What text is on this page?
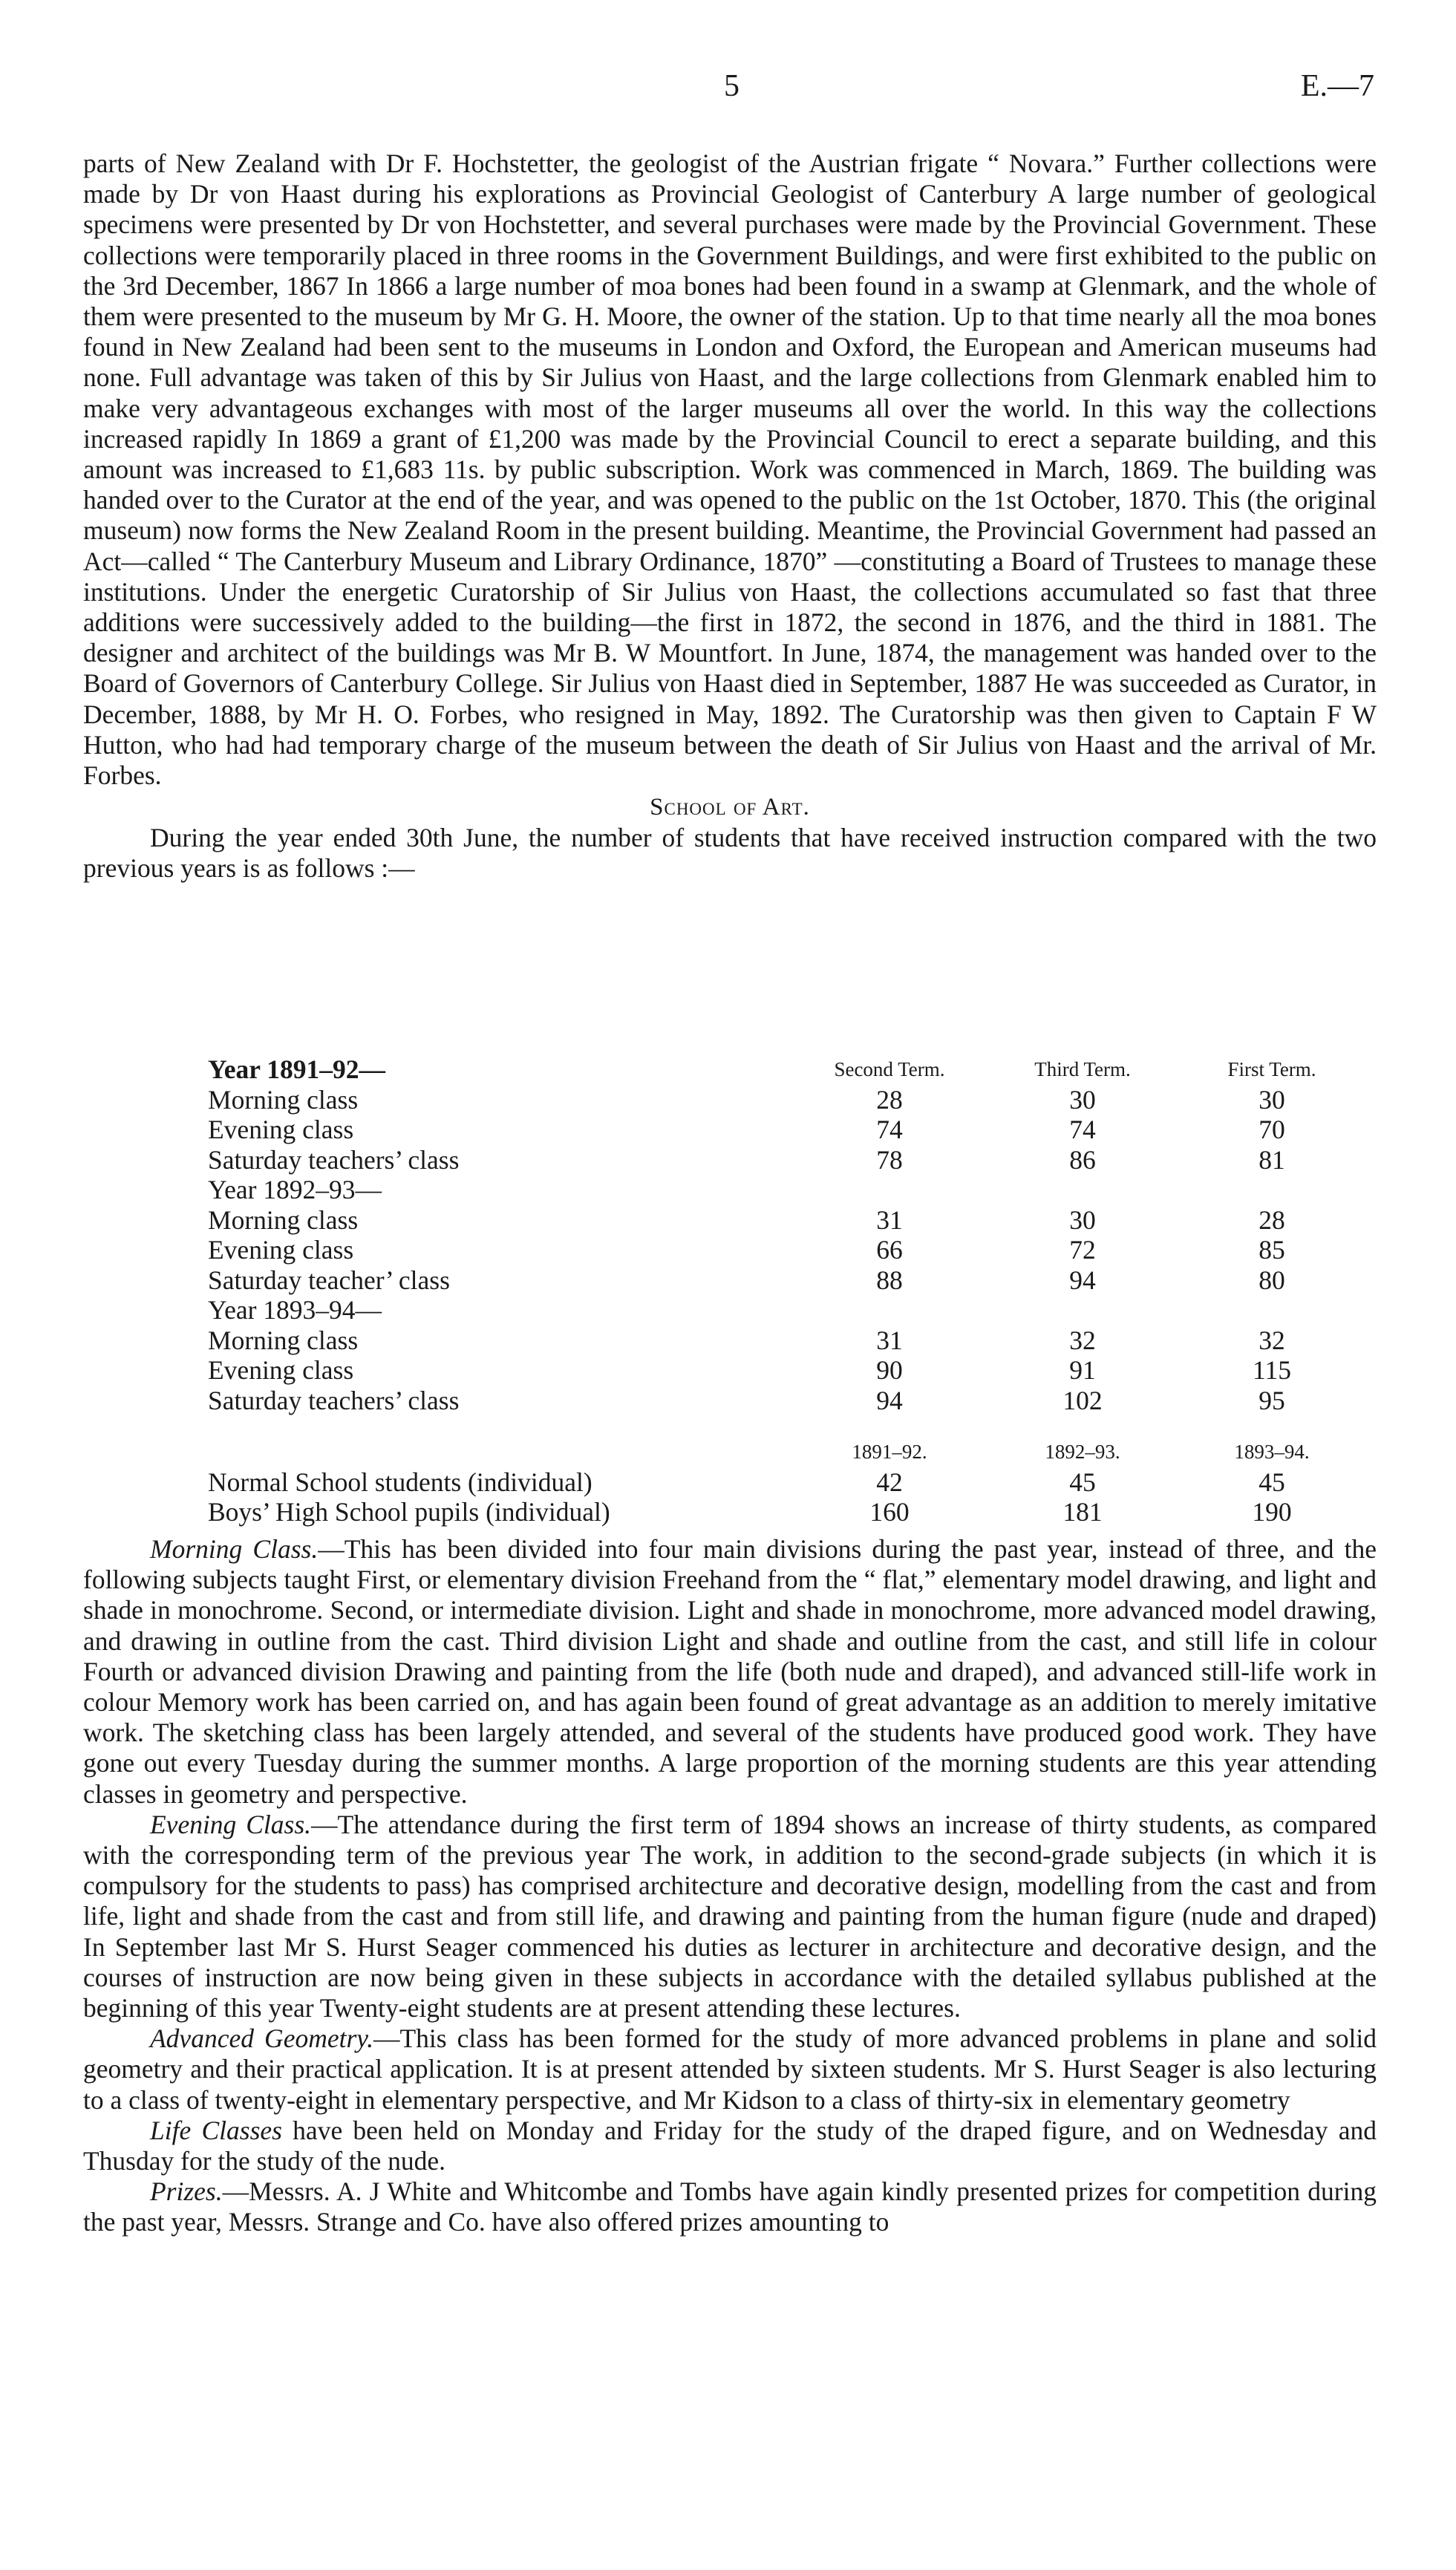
5	E.—7

parts of New Zealand with Dr F. Hochstetter, the geologist of the Austrian frigate “ Novara.” Further collections were made by Dr von Haast during his explorations as Provincial Geologist of Canterbury A large number of geological specimens were presented by Dr von Hochstetter, and several purchases were made by the Provincial Government. These collections were temporarily placed in three rooms in the Government Buildings, and were first exhibited to the public on the 3rd December, 1867 In 1866 a large number of moa bones had been found in a swamp at Glenmark, and the whole of them were presented to the museum by Mr G. H. Moore, the owner of the station. Up to that time nearly all the moa bones found in New Zealand had been sent to the museums in London and Oxford, the European and American museums had none. Full advantage was taken of this by Sir Julius von Haast, and the large collections from Glenmark enabled him to make very advantageous exchanges with most of the larger museums all over the world. In this way the collections increased rapidly In 1869 a grant of £1,200 was made by the Provincial Council to erect a separate building, and this amount was increased to £1,683 11s. by public subscription. Work was commenced in March, 1869. The building was handed over to the Curator at the end of the year, and was opened to the public on the 1st October, 1870. This (the original museum) now forms the New Zealand Room in the present building. Meantime, the Provincial Government had passed an Act—called “ The Canterbury Museum and Library Ordinance, 1870” —constituting a Board of Trustees to manage these institutions. Under the energetic Curatorship of Sir Julius von Haast, the collections accumulated so fast that three additions were successively added to the building—the first in 1872, the second in 1876, and the third in 1881. The designer and architect of the buildings was Mr B. W Mountfort. In June, 1874, the management was handed over to the Board of Governors of Canterbury College. Sir Julius von Haast died in September, 1887 He was succeeded as Curator, in December, 1888, by Mr H. O. Forbes, who resigned in May, 1892. The Curatorship was then given to Captain F W Hutton, who had had temporary charge of the museum between the death of Sir Julius von Haast and the arrival of Mr. Forbes.

School of Art.

During the year ended 30th June, the number of students that have received instruction compared with the two previous years is as follows :—

Year 1891–92—	Second Term.	Third Term.	First Term.
Morning class	28	30	30
Evening class	74	74	70
Saturday teachers’ class	78	86	81
Year 1892–93—			
Morning class	31	30	28
Evening class	66	72	85
Saturday teacher’ class	88	94	80
Year 1893–94—			
Morning class	31	32	32
Evening class	90	91	115
Saturday teachers’ class	94	102	95
	1891–92.	1892–93.	1893–94.
Normal School students (individual)	42	45	45
Boys’ High School pupils (individual)	160	181	190

Morning Class.—This has been divided into four main divisions during the past year, instead of three, and the following subjects taught First, or elementary division Freehand from the “ flat,” elementary model drawing, and light and shade in monochrome. Second, or intermediate division. Light and shade in monochrome, more advanced model drawing, and drawing in outline from the cast. Third division Light and shade and outline from the cast, and still life in colour Fourth or advanced division Drawing and painting from the life (both nude and draped), and advanced still-life work in colour Memory work has been carried on, and has again been found of great advantage as an addition to merely imitative work. The sketching class has been largely attended, and several of the students have produced good work. They have gone out every Tuesday during the summer months. A large proportion of the morning students are this year attending classes in geometry and perspective.

Evening Class.—The attendance during the first term of 1894 shows an increase of thirty students, as compared with the corresponding term of the previous year The work, in addition to the second-grade subjects (in which it is compulsory for the students to pass) has comprised architecture and decorative design, modelling from the cast and from life, light and shade from the cast and from still life, and drawing and painting from the human figure (nude and draped) In September last Mr S. Hurst Seager commenced his duties as lecturer in architecture and decorative design, and the courses of instruction are now being given in these subjects in accordance with the detailed syllabus published at the beginning of this year Twenty-eight students are at present attending these lectures.

Advanced Geometry.—This class has been formed for the study of more advanced problems in plane and solid geometry and their practical application. It is at present attended by sixteen students. Mr S. Hurst Seager is also lecturing to a class of twenty-eight in elementary perspective, and Mr Kidson to a class of thirty-six in elementary geometry

Life Classes have been held on Monday and Friday for the study of the draped figure, and on Wednesday and Thusday for the study of the nude.

Prizes.—Messrs. A. J White and Whitcombe and Tombs have again kindly presented prizes for competition during the past year, Messrs. Strange and Co. have also offered prizes amounting to
